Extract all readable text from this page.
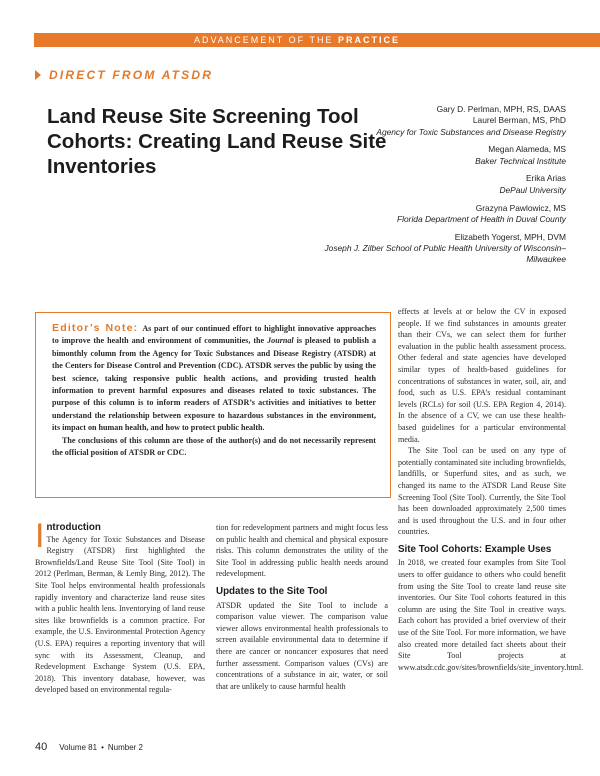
ADVANCEMENT OF THE PRACTICE
DIRECT FROM ATSDR
Land Reuse Site Screening Tool Cohorts: Creating Land Reuse Site Inventories
Gary D. Perlman, MPH, RS, DAAS
Laurel Berman, MS, PhD
Agency for Toxic Substances and Disease Registry
Megan Alameda, MS
Baker Technical Institute
Erika Arias
DePaul University
Grazyna Pawlowicz, MS
Florida Department of Health in Duval County
Elizabeth Yogerst, MPH, DVM
Joseph J. Zilber School of Public Health University of Wisconsin–Milwaukee

Editor’s Note: As part of our continued effort to highlight innovative approaches to improve the health and environment of communities, the Journal is pleased to publish a bimonthly column from the Agency for Toxic Substances and Disease Registry (ATSDR) at the Centers for Disease Control and Prevention (CDC). ATSDR serves the public by using the best science, taking responsive public health actions, and providing trusted health information to prevent harmful exposures and diseases related to toxic substances. The purpose of this column is to inform readers of ATSDR’s activities and initiatives to better understand the relationship between exposure to hazardous substances in the environment, its impact on human health, and how to protect public health.

The conclusions of this column are those of the author(s) and do not necessarily represent the official position of ATSDR or CDC.

I ntroduction

The Agency for Toxic Substances and Disease Registry (ATSDR) first highlighted the Brownfields/Land Reuse Site Tool (Site Tool) in 2012 (Perlman, Berman, & Lemly Bing, 2012). The Site Tool helps environmental health professionals rapidly inventory and characterize land reuse sites with a public health lens. Inventorying of land reuse sites like brownfields is a common practice. For example, the U.S. Environmental Protection Agency (U.S. EPA) requires a reporting inventory that will sync with its Assessment, Cleanup, and Redevelopment Exchange System (U.S. EPA, 2018). This inventory database, however, was developed based on environmental regula-

tion for redevelopment partners and might focus less on public health and chemical and physical exposure risks. This column demonstrates the utility of the Site Tool in addressing public health needs around redevelopment.

Updates to the Site Tool

ATSDR updated the Site Tool to include a comparison value viewer. The comparison value viewer allows environmental health professionals to screen available environmental data to determine if there are cancer or noncancer exposures that need further assessment. Comparison values (CVs) are concentrations of a substance in air, water, or soil that are unlikely to cause harmful health

effects at levels at or below the CV in exposed people. If we find substances in amounts greater than their CVs, we can select them for further evaluation in the public health assessment process. Other federal and state agencies have developed similar types of health-based guidelines for concentrations of substances in water, soil, air, and food, such as U.S. EPA’s residual contaminant levels (RCLs) for soil (U.S. EPA Region 4, 2014). In the absence of a CV, we can use these health-based guidelines for a particular environmental media.

The Site Tool can be used on any type of potentially contaminated site including brownfields, landfills, or Superfund sites, and as such, we changed its name to the ATSDR Land Reuse Site Screening Tool (Site Tool). Currently, the Site Tool has been downloaded approximately 2,500 times and is used throughout the U.S. and in four other countries.

Site Tool Cohorts: Example Uses

In 2018, we created four examples from Site Tool users to offer guidance to others who could benefit from using the Site Tool to create land reuse site inventories. Our Site Tool cohorts featured in this column are using the Site Tool in creative ways. Each cohort has provided a brief overview of their use of the Site Tool. For more information, we have also created more detailed fact sheets about their Site Tool projects at www.atsdr.cdc.gov/sites/brownfields/site_inventory.html.

40 Volume 81 • Number 2
